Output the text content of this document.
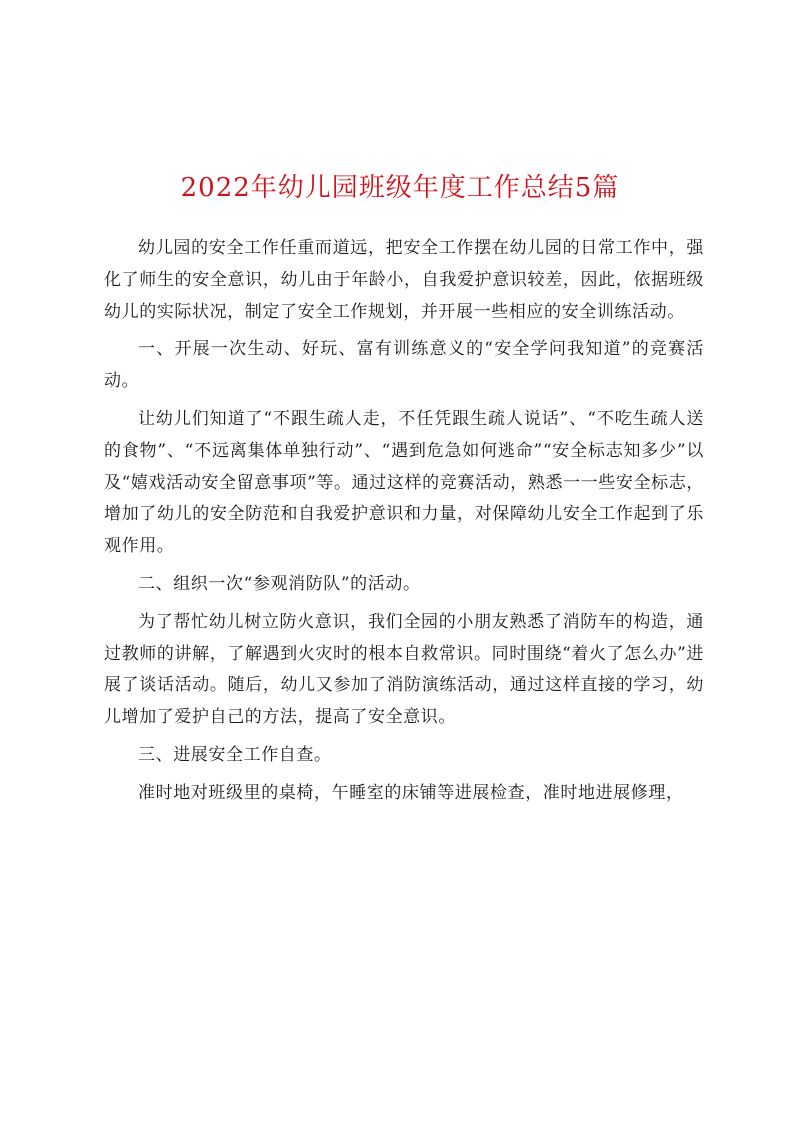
2022年幼儿园班级年度工作总结5篇

幼儿园的安全工作任重而道远，把安全工作摆在幼儿园的日常工作中，强化了师生的安全意识，幼儿由于年龄小，自我爱护意识较差，因此，依据班级幼儿的实际状况，制定了安全工作规划，并开展一些相应的安全训练活动。

一、开展一次生动、好玩、富有训练意义的“安全学问我知道”的竞赛活动。

让幼儿们知道了“不跟生疏人走，不任凭跟生疏人说话”、“不吃生疏人送的食物”、“不远离集体单独行动”、“遇到危急如何逃命”“安全标志知多少”以及“嬉戏活动安全留意事项”等。通过这样的竞赛活动，熟悉一一些安全标志，增加了幼儿的安全防范和自我爱护意识和力量，对保障幼儿安全工作起到了乐观作用。

二、组织一次“参观消防队”的活动。

为了帮忙幼儿树立防火意识，我们全园的小朋友熟悉了消防车的构造，通过教师的讲解，了解遇到火灾时的根本自救常识。同时围绕“着火了怎么办”进展了谈话活动。随后，幼儿又参加了消防演练活动，通过这样直接的学习，幼儿增加了爱护自己的方法，提高了安全意识。

三、进展安全工作自查。

准时地对班级里的桌椅，午睡室的床铺等进展检查，准时地进展修理，
